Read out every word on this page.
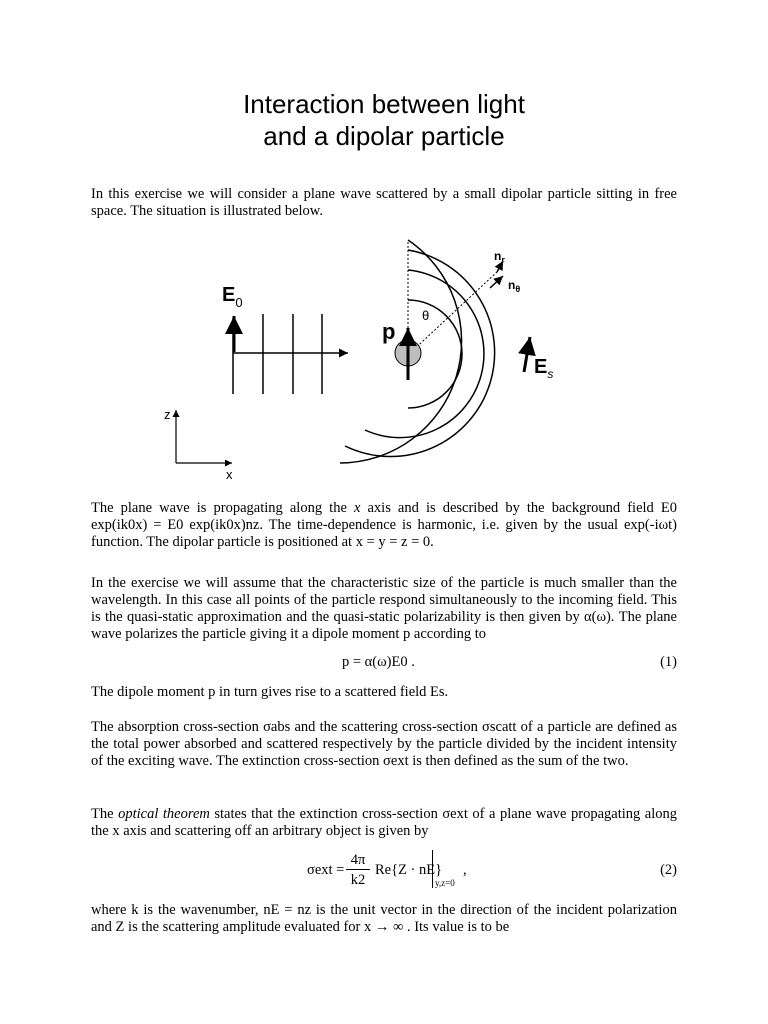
Interaction between light
and a dipolar particle
In this exercise we will consider a plane wave scattered by a small dipolar particle sitting in free space. The situation is illustrated below.
$E_0$
p
θ
$n_r$
$n_\theta$
$E_s$
z
x
The plane wave is propagating along the x axis and is described by the background field E0 exp(ik0x) = E0 exp(ik0x)nz. The time-dependence is harmonic, i.e. given by the usual exp(-iωt) function. The dipolar particle is positioned at x = y = z = 0.
In the exercise we will assume that the characteristic size of the particle is much smaller than the wavelength. In this case all points of the particle respond simultaneously to the incoming field. This is the quasi-static approximation and the quasi-static polarizability is then given by α(ω). The plane wave polarizes the particle giving it a dipole moment p according to
p = α(ω)E0 .	(1)
The dipole moment p in turn gives rise to a scattered field Es.
The absorption cross-section σabs and the scattering cross-section σscatt of a particle are defined as the total power absorbed and scattered respectively by the particle divided by the incident intensity of the exciting wave. The extinction cross-section σext is then defined as the sum of the two.
The optical theorem states that the extinction cross-section σext of a plane wave propagating along the x axis and scattering off an arbitrary object is given by
σext =
4π
k2
Re{Z · nE}
y,z=0
,	(2)
where k is the wavenumber, nE = nz is the unit vector in the direction of the incident polarization and Z is the scattering amplitude evaluated for x → ∞ . Its value is to be
